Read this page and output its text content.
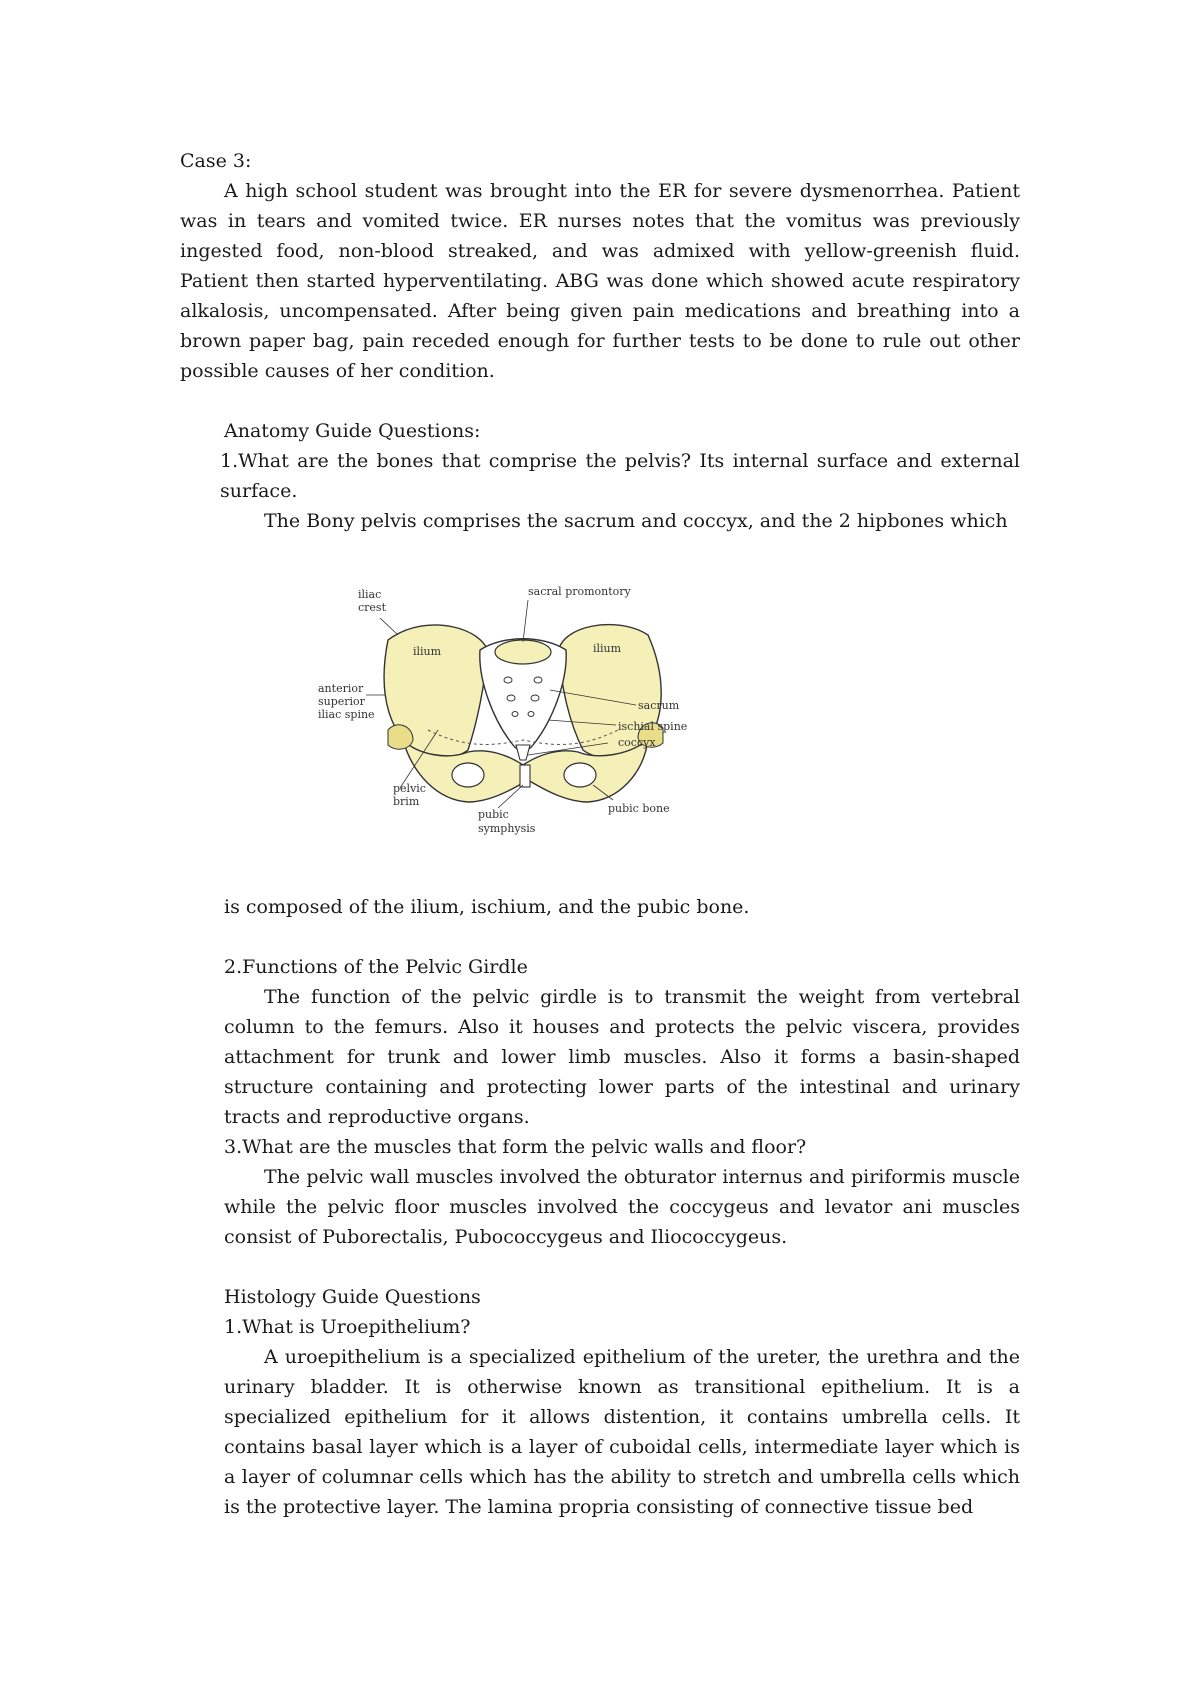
Case 3:

A high school student was brought into the ER for severe dysmenorrhea. Patient was in tears and vomited twice. ER nurses notes that the vomitus was previously ingested food, non-blood streaked, and was admixed with yellow-greenish fluid. Patient then started hyperventilating. ABG was done which showed acute respiratory alkalosis, uncompensated. After being given pain medications and breathing into a brown paper bag, pain receded enough for further tests to be done to rule out other possible causes of her condition.

Anatomy Guide Questions:

1.What are the bones that comprise the pelvis? Its internal surface and external surface.

The Bony pelvis comprises the sacrum and coccyx, and the 2 hipbones which

iliac
crest
sacral promontory
ilium	ilium
anterior
superior
iliac spine
sacrum
ischial spine
coccyx
pelvic
brim
pubic
symphysis
pubic bone

is composed of the ilium, ischium, and the pubic bone.

2.Functions of the Pelvic Girdle

The function of the pelvic girdle is to transmit the weight from vertebral column to the femurs. Also it houses and protects the pelvic viscera, provides attachment for trunk and lower limb muscles. Also it forms a basin-shaped structure containing and protecting lower parts of the intestinal and urinary tracts and reproductive organs.

3.What are the muscles that form the pelvic walls and floor?

The pelvic wall muscles involved the obturator internus and piriformis muscle while the pelvic floor muscles involved the coccygeus and levator ani muscles consist of Puborectalis, Pubococcygeus and Iliococcygeus.

Histology Guide Questions

1.What is Uroepithelium?

A uroepithelium is a specialized epithelium of the ureter, the urethra and the urinary bladder. It is otherwise known as transitional epithelium. It is a specialized epithelium for it allows distention, it contains umbrella cells. It contains basal layer which is a layer of cuboidal cells, intermediate layer which is a layer of columnar cells which has the ability to stretch and umbrella cells which is the protective layer. The lamina propria consisting of connective tissue bed
